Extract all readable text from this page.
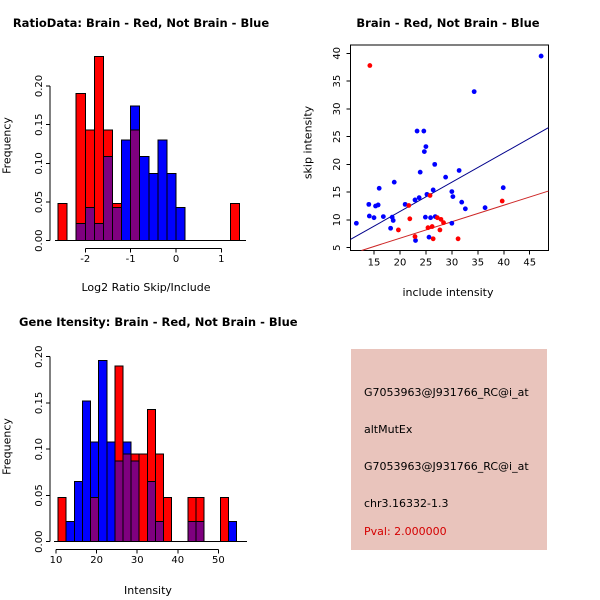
-2	-1	0	1
0.00
0.05
0.10
0.15
0.20
15 20 25 30 35 40 45
5
10
15
20
25
30
35
40
10	20	30	40	50
0.00
0.05
0.10
0.15
0.20
RatioData: Brain - Red, Not Brain - Blue	Brain - Red, Not Brain - Blue
Gene Itensity: Brain - Red, Not Brain - Blue
Log2 Ratio Skip/Include	include intensity
Intensity
Frequency	skip intensity
Frequency
G7053963@J931766_RC@i_at
altMutEx
G7053963@J931766_RC@i_at
chr3.16332-1.3
Pval: 2.000000
